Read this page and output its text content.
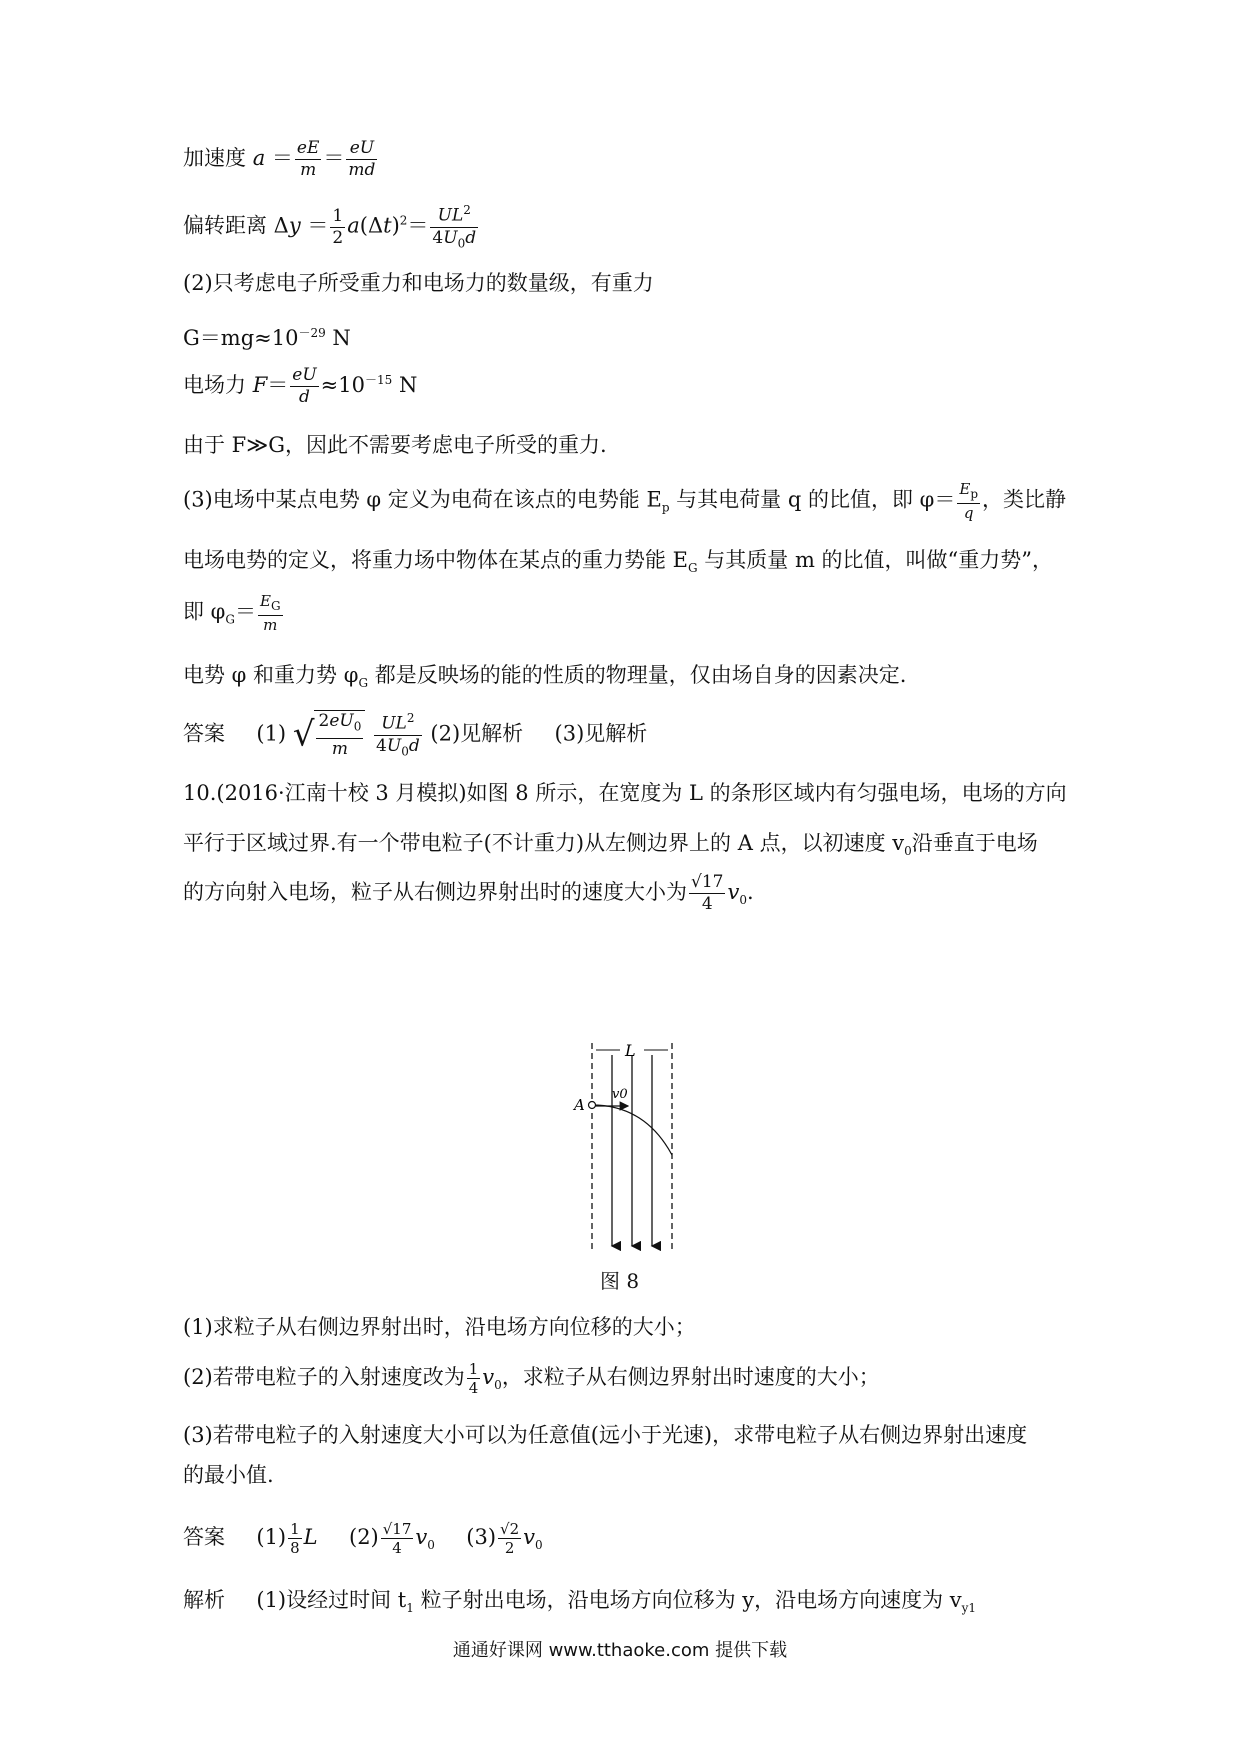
加速度 $a = \frac{eE}{m} = \frac{eU}{md}$
偏转距离 $\Delta y = \frac{1}{2} a(\Delta t)^2= \frac{UL^2}{4U_0d}$
(2)只考虑电子所受重力和电场力的数量级，有重力
$G=mg\approx 10^{-29}$ N
电场力 $F= \frac{eU}{d} \approx 10^{-15}$ N
由于 F≫G，因此不需要考虑电子所受的重力.
(3)电场中某点电势 φ 定义为电荷在该点的电势能 $E_p$ 与其电荷量 q 的比值，即 $\varphi= \frac{E_p}{q}$ ，类比静
电场电势的定义，将重力场中物体在某点的重力势能 $E_G$ 与其质量 m 的比值，叫做“重力势”，
即 $\varphi_G= \frac{E_G}{m}$
电势 φ 和重力势 $\varphi_G$ 都是反映场的能的性质的物理量，仅由场自身的因素决定.
答案 (1) √ $\frac{2eU_0}{m}$
$\frac{UL^2}{4U_0d} (2)$见解析 (3)见解析
10.(2016·江南十校 3 月模拟)如图 8 所示，在宽度为 L 的条形区域内有匀强电场，电场的方向
平行于区域过界.有一个带电粒子(不计重力)从左侧边界上的 A 点，以初速度 $v_0$沿垂直于电场
的方向射入电场，粒子从右侧边界射出时的速度大小为 $\frac{√17}{4} v_0$.
L
A
v0
图 8
(1)求粒子从右侧边界射出时，沿电场方向位移的大小；
(2)若带电粒子的入射速度改为 $\frac{1}{4} v_0$，求粒子从右侧边界射出时速度的大小；
(3)若带电粒子的入射速度大小可以为任意值(远小于光速)，求带电粒子从右侧边界射出速度
的最小值.
答案 $(1) \frac{1}{8}$ L $(2) \frac{√17}{4} v_0$ $(3) \frac{√2}{2} v_0$
解析 (1)设经过时间 $t_1$ 粒子射出电场，沿电场方向位移为 y，沿电场方向速度为 $v_{y1}$
通通好课网 www.tthaoke.com 提供下载
